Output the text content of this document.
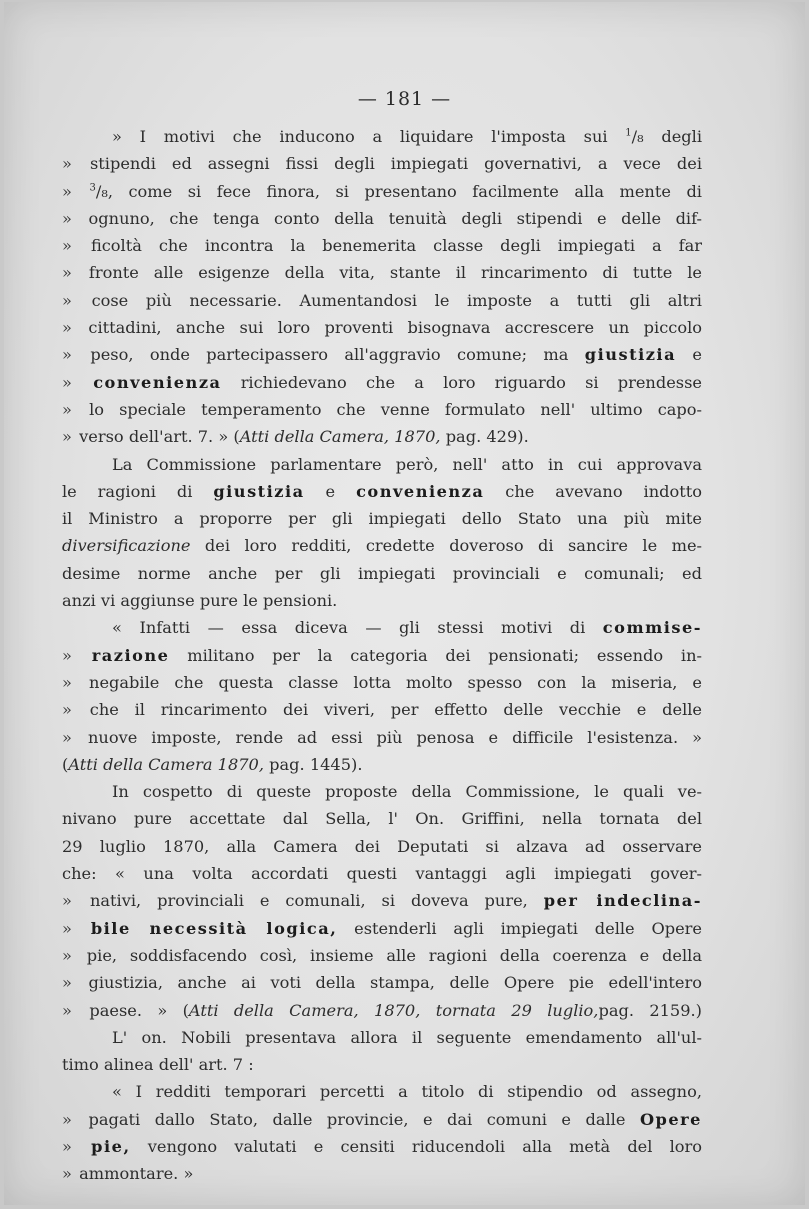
— 181 —
» I motivi che inducono a liquidare l'imposta sui $^1$/₈ degli
» stipendi ed assegni fissi degli impiegati governativi, a vece dei
» $^3$/₈, come si fece finora, si presentano facilmente alla mente di
» ognuno, che tenga conto della tenuità degli stipendi e delle dif-
» ficoltà che incontra la benemerita classe degli impiegati a far
» fronte alle esigenze della vita, stante il rincarimento di tutte le
» cose più necessarie. Aumentandosi le imposte a tutti gli altri
» cittadini, anche sui loro proventi bisognava accrescere un piccolo
» peso, onde partecipassero all'aggravio comune; ma giustizia e
» convenienza richiedevano che a loro riguardo si prendesse
» lo speciale temperamento che venne formulato nell' ultimo capo-
» verso dell'art. 7. » (Atti della Camera, 1870, pag. 429).
La Commissione parlamentare però, nell' atto in cui approvava
le ragioni di giustizia e convenienza che avevano indotto
il Ministro a proporre per gli impiegati dello Stato una più mite
diversificazione dei loro redditi, credette doveroso di sancire le me-
desime norme anche per gli impiegati provinciali e comunali; ed
anzi vi aggiunse pure le pensioni.
« Infatti — essa diceva — gli stessi motivi di commise-
» razione militano per la categoria dei pensionati; essendo in-
» negabile che questa classe lotta molto spesso con la miseria, e
» che il rincarimento dei viveri, per effetto delle vecchie e delle
» nuove imposte, rende ad essi più penosa e difficile l'esistenza. »
(Atti della Camera 1870, pag. 1445).
In cospetto di queste proposte della Commissione, le quali ve-
nivano pure accettate dal Sella, l' On. Griffini, nella tornata del
29 luglio 1870, alla Camera dei Deputati si alzava ad osservare
che: « una volta accordati questi vantaggi agli impiegati gover-
» nativi, provinciali e comunali, si doveva pure, per indeclina-
» bile necessità logica, estenderli agli impiegati delle Opere
» pie, soddisfacendo così, insieme alle ragioni della coerenza e della
» giustizia, anche ai voti della stampa, delle Opere pie edell'intero
» paese. » (Atti della Camera, 1870, tornata 29 luglio,pag. 2159.)
L' on. Nobili presentava allora il seguente emendamento all'ul-
timo alinea dell' art. 7 :
« I redditi temporari percetti a titolo di stipendio od assegno,
» pagati dallo Stato, dalle provincie, e dai comuni e dalle Opere
» pie, vengono valutati e censiti riducendoli alla metà del loro
» ammontare. »
